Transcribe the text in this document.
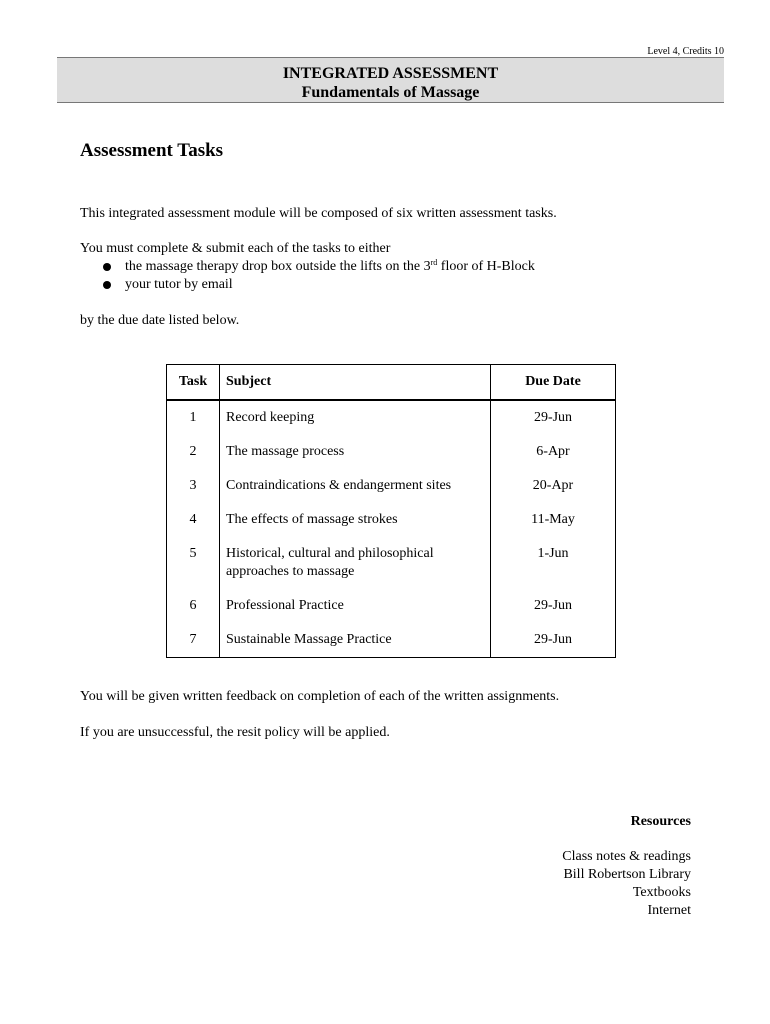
Level 4, Credits 10
INTEGRATED ASSESSMENT
Fundamentals of Massage
Assessment Tasks
This integrated assessment module will be composed of six written assessment tasks.
You must complete & submit each of the tasks to either
the massage therapy drop box outside the lifts on the 3rd floor of H-Block
your tutor by email
by the due date listed below.
Task	Subject	Due Date
1	Record keeping	29-Jun
2	The massage process	6-Apr
3	Contraindications & endangerment sites	20-Apr
4	The effects of massage strokes	11-May
5	Historical, cultural and philosophical approaches to massage	1-Jun
6	Professional Practice	29-Jun
7	Sustainable Massage Practice	29-Jun
You will be given written feedback on completion of each of the written assignments.
If you are unsuccessful, the resit policy will be applied.
Resources
Class notes & readings
Bill Robertson Library
Textbooks
Internet
